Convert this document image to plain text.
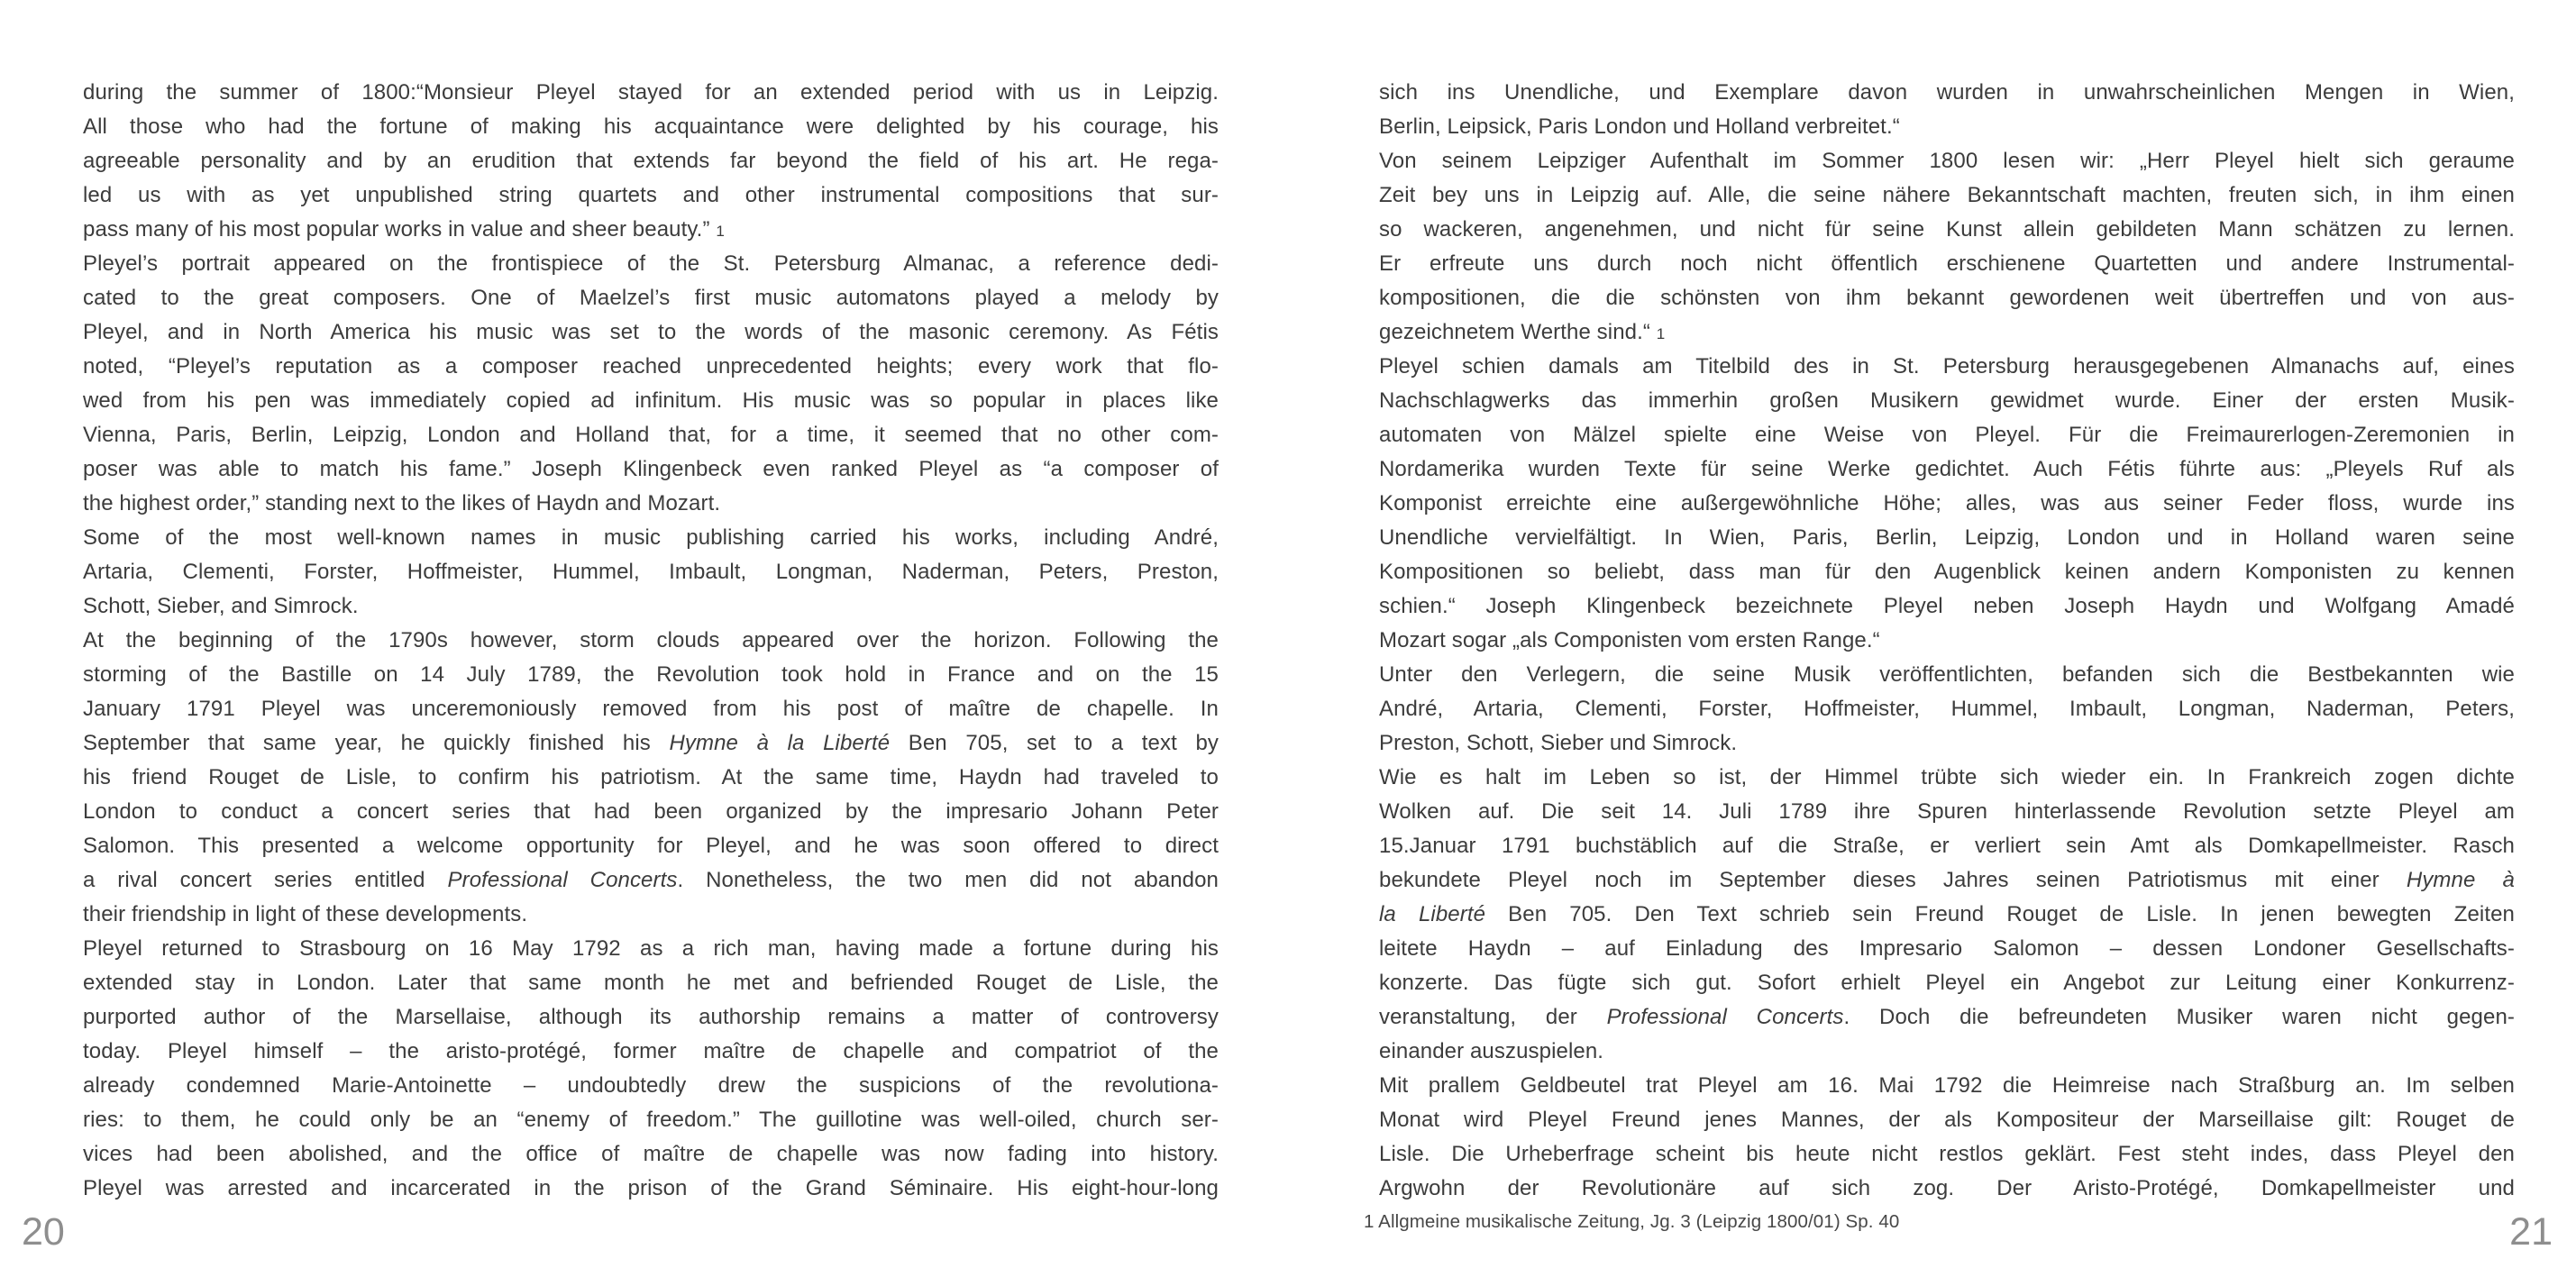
during the summer of 1800:“Monsieur Pleyel stayed for an extended period with us in Leipzig.
All those who had the fortune of making his acquaintance were delighted by his courage, his
agreeable personality and by an erudition that extends far beyond the field of his art. He rega-
led us with as yet unpublished string quartets and other instrumental compositions that sur-
pass many of his most popular works in value and sheer beauty.” 1
Pleyel’s portrait appeared on the frontispiece of the St. Petersburg Almanac, a reference dedi-
cated to the great composers. One of Maelzel’s first music automatons played a melody by
Pleyel, and in North America his music was set to the words of the masonic ceremony. As Fétis
noted, “Pleyel’s reputation as a composer reached unprecedented heights; every work that flo-
wed from his pen was immediately copied ad infinitum. His music was so popular in places like
Vienna, Paris, Berlin, Leipzig, London and Holland that, for a time, it seemed that no other com-
poser was able to match his fame.” Joseph Klingenbeck even ranked Pleyel as “a composer of
the highest order,” standing next to the likes of Haydn and Mozart.
Some of the most well-known names in music publishing carried his works, including André,
Artaria, Clementi, Forster, Hoffmeister, Hummel, Imbault, Longman, Naderman, Peters, Preston,
Schott, Sieber, and Simrock.
At the beginning of the 1790s however, storm clouds appeared over the horizon. Following the
storming of the Bastille on 14 July 1789, the Revolution took hold in France and on the 15
January 1791 Pleyel was unceremoniously removed from his post of maître de chapelle. In
September that same year, he quickly finished his Hymne à la Liberté Ben 705, set to a text by
his friend Rouget de Lisle, to confirm his patriotism. At the same time, Haydn had traveled to
London to conduct a concert series that had been organized by the impresario Johann Peter
Salomon. This presented a welcome opportunity for Pleyel, and he was soon offered to direct
a rival concert series entitled Professional Concerts. Nonetheless, the two men did not abandon
their friendship in light of these developments.
Pleyel returned to Strasbourg on 16 May 1792 as a rich man, having made a fortune during his
extended stay in London. Later that same month he met and befriended Rouget de Lisle, the
purported author of the Marsellaise, although its authorship remains a matter of controversy
today. Pleyel himself – the aristo-protégé, former maître de chapelle and compatriot of the
already condemned Marie-Antoinette – undoubtedly drew the suspicions of the revolutiona-
ries: to them, he could only be an “enemy of freedom.” The guillotine was well-oiled, church ser-
vices had been abolished, and the office of maître de chapelle was now fading into history.
Pleyel was arrested and incarcerated in the prison of the Grand Séminaire. His eight-hour-long
20
sich ins Unendliche, und Exemplare davon wurden in unwahrscheinlichen Mengen in Wien,
Berlin, Leipsick, Paris London und Holland verbreitet.“
Von seinem Leipziger Aufenthalt im Sommer 1800 lesen wir: „Herr Pleyel hielt sich geraume
Zeit bey uns in Leipzig auf. Alle, die seine nähere Bekanntschaft machten, freuten sich, in ihm einen
so wackeren, angenehmen, und nicht für seine Kunst allein gebildeten Mann schätzen zu lernen.
Er erfreute uns durch noch nicht öffentlich erschienene Quartetten und andere Instrumental-
kompositionen, die die schönsten von ihm bekannt gewordenen weit übertreffen und von aus-
gezeichnetem Werthe sind.“ 1
Pleyel schien damals am Titelbild des in St. Petersburg herausgegebenen Almanachs auf, eines
Nachschlagwerks das immerhin großen Musikern gewidmet wurde. Einer der ersten Musik-
automaten von Mälzel spielte eine Weise von Pleyel. Für die Freimaurerlogen-Zeremonien in
Nordamerika wurden Texte für seine Werke gedichtet. Auch Fétis führte aus: „Pleyels Ruf als
Komponist erreichte eine außergewöhnliche Höhe; alles, was aus seiner Feder floss, wurde ins
Unendliche vervielfältigt. In Wien, Paris, Berlin, Leipzig, London und in Holland waren seine
Kompositionen so beliebt, dass man für den Augenblick keinen andern Komponisten zu kennen
schien.“ Joseph Klingenbeck bezeichnete Pleyel neben Joseph Haydn und Wolfgang Amadé
Mozart sogar „als Componisten vom ersten Range.“
Unter den Verlegern, die seine Musik veröffentlichten, befanden sich die Bestbekannten wie
André, Artaria, Clementi, Forster, Hoffmeister, Hummel, Imbault, Longman, Naderman, Peters,
Preston, Schott, Sieber und Simrock.
Wie es halt im Leben so ist, der Himmel trübte sich wieder ein. In Frankreich zogen dichte
Wolken auf. Die seit 14. Juli 1789 ihre Spuren hinterlassende Revolution setzte Pleyel am
15.Januar 1791 buchstäblich auf die Straße, er verliert sein Amt als Domkapellmeister. Rasch
bekundete Pleyel noch im September dieses Jahres seinen Patriotismus mit einer Hymne à
la Liberté Ben 705. Den Text schrieb sein Freund Rouget de Lisle. In jenen bewegten Zeiten
leitete Haydn – auf Einladung des Impresario Salomon – dessen Londoner Gesellschafts-
konzerte. Das fügte sich gut. Sofort erhielt Pleyel ein Angebot zur Leitung einer Konkurrenz-
veranstaltung, der Professional Concerts. Doch die befreundeten Musiker waren nicht gegen-
einander auszuspielen.
Mit prallem Geldbeutel trat Pleyel am 16. Mai 1792 die Heimreise nach Straßburg an. Im selben
Monat wird Pleyel Freund jenes Mannes, der als Kompositeur der Marseillaise gilt: Rouget de
Lisle. Die Urheberfrage scheint bis heute nicht restlos geklärt. Fest steht indes, dass Pleyel den
Argwohn der Revolutionäre auf sich zog. Der Aristo-Protégé, Domkapellmeister und
1 Allgmeine musikalische Zeitung, Jg. 3 (Leipzig 1800/01) Sp. 40	21
